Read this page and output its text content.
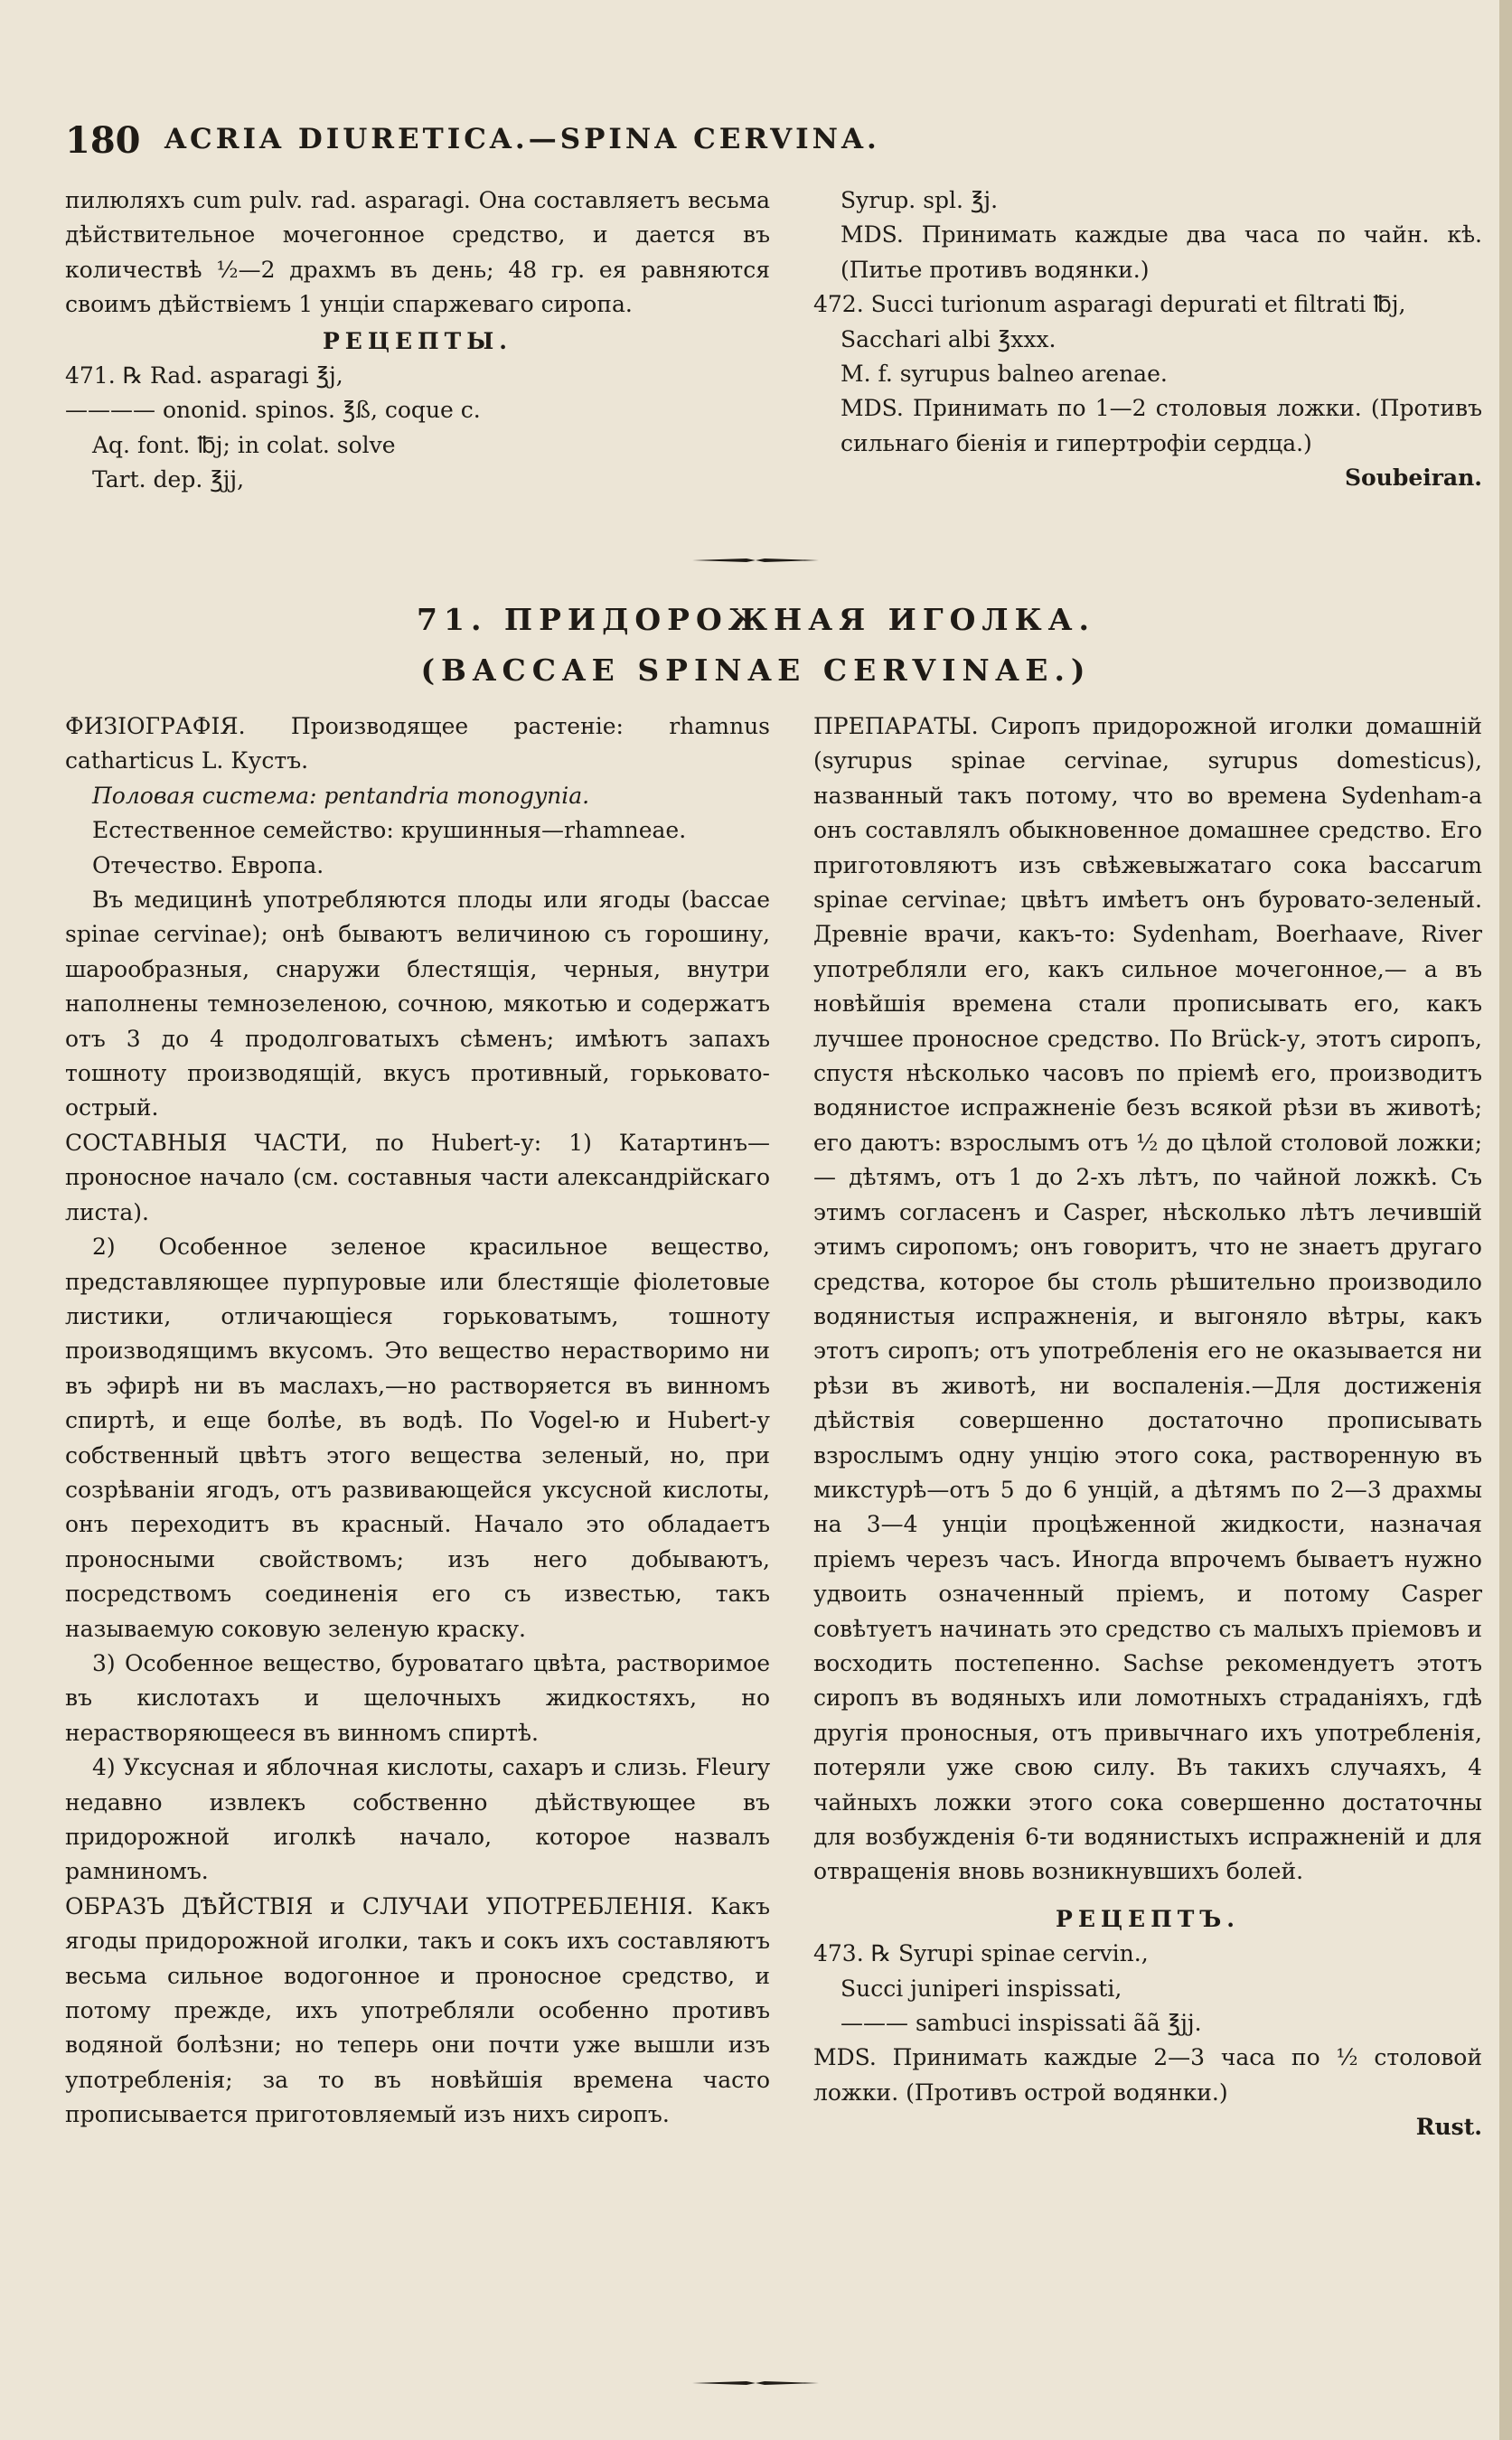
180 ACRIA DIURETICA.—SPINA CERVINA.

пилюляхъ cum pulv. rad. asparagi. Она составляетъ весьма дѣйствительное мочегонное средство, и дается въ количествѣ ½—2 драхмъ въ день; 48 гр. ея равняются своимъ дѣйствіемъ 1 унціи спаржеваго сиропа.

РЕЦЕПТЫ.

471. ℞ Rad. asparagi ℥j,

———— ononid. spinos. ℥ß, coque c.

Aq. font. ℔j; in colat. solve

Tart. dep. ℥jj,

Syrup. spl. ℥j.

MDS. Принимать каждые два часа по чайн. кѣ. (Питье противъ водянки.)

472. Succi turionum asparagi depurati et filtrati ℔j,

Sacchari albi ℥xxx.

M. f. syrupus balneo arenae.

MDS. Принимать по 1—2 столовыя ложки. (Противъ сильнаго біенія и гипертрофіи сердца.)

Soubeiran.

71. ПРИДОРОЖНАЯ ИГОЛКА.
(BACCAE SPINAE CERVINAE.)

ФИЗІОГРАФІЯ. Производящее растеніе: rhamnus catharticus L. Кустъ.

Половая система: pentandria monogynia.

Естественное семейство: крушинныя—rhamneae.

Отечество. Европа.

Въ медицинѣ употребляются плоды или ягоды (baccae spinae cervinae); онѣ бываютъ величиною съ горошину, шарообразныя, снаружи блестящія, черныя, внутри наполнены темнозеленою, сочною, мякотью и содержатъ отъ 3 до 4 продолговатыхъ сѣменъ; имѣютъ запахъ тошноту производящій, вкусъ противный, горьковато-острый.

СОСТАВНЫЯ ЧАСТИ, по Hubert-у: 1) Катартинъ—проносное начало (см. составныя части александрійскаго листа).

2) Особенное зеленое красильное вещество, представляющее пурпуровые или блестящіе фіолетовые листики, отличающіеся горьковатымъ, тошноту производящимъ вкусомъ. Это вещество нерастворимо ни въ эфирѣ ни въ маслахъ,—но растворяется въ винномъ спиртѣ, и еще болѣе, въ водѣ. По Vogel-ю и Hubert-у собственный цвѣтъ этого вещества зеленый, но, при созрѣваніи ягодъ, отъ развивающейся уксусной кислоты, онъ переходитъ въ красный. Начало это обладаетъ проносными свойствомъ; изъ него добываютъ, посредствомъ соединенія его съ известью, такъ называемую соковую зеленую краску.

3) Особенное вещество, буроватаго цвѣта, растворимое въ кислотахъ и щелочныхъ жидкостяхъ, но нерастворяющееся въ винномъ спиртѣ.

4) Уксусная и яблочная кислоты, сахаръ и слизь. Fleury недавно извлекъ собственно дѣйствующее въ придорожной иголкѣ начало, которое назвалъ рамниномъ.

ОБРАЗЪ ДѢЙСТВІЯ и СЛУЧАИ УПОТРЕБЛЕНІЯ. Какъ ягоды придорожной иголки, такъ и сокъ ихъ составляютъ весьма сильное водогонное и проносное средство, и потому прежде, ихъ употребляли особенно противъ водяной болѣзни; но теперь они почти уже вышли изъ употребленія; за то въ новѣйшія времена часто прописывается приготовляемый изъ нихъ сиропъ.

ПРЕПАРАТЫ. Сиропъ придорожной иголки домашній (syrupus spinae cervinae, syrupus domesticus), названный такъ потому, что во времена Sydenham-а онъ составлялъ обыкновенное домашнее средство. Его приготовляютъ изъ свѣжевыжатаго сока baccarum spinae cervinae; цвѣтъ имѣетъ онъ буровато-зеленый. Древніе врачи, какъ-то: Sydenham, Boerhaave, River употребляли его, какъ сильное мочегонное,— а въ новѣйшія времена стали прописывать его, какъ лучшее проносное средство. По Brück-у, этотъ сиропъ, спустя нѣсколько часовъ по пріемѣ его, производитъ водянистое испражненіе безъ всякой рѣзи въ животѣ; его даютъ: взрослымъ отъ ½ до цѣлой столовой ложки;— дѣтямъ, отъ 1 до 2-хъ лѣтъ, по чайной ложкѣ. Съ этимъ согласенъ и Casper, нѣсколько лѣтъ лечившій этимъ сиропомъ; онъ говоритъ, что не знаетъ другаго средства, которое бы столь рѣшительно производило водянистыя испражненія, и выгоняло вѣтры, какъ этотъ сиропъ; отъ употребленія его не оказывается ни рѣзи въ животѣ, ни воспаленія.—Для достиженія дѣйствія совершенно достаточно прописывать взрослымъ одну унцію этого сока, растворенную въ микстурѣ—отъ 5 до 6 унцій, а дѣтямъ по 2—3 драхмы на 3—4 унціи процѣженной жидкости, назначая пріемъ черезъ часъ. Иногда впрочемъ бываетъ нужно удвоить означенный пріемъ, и потому Casper совѣтуетъ начинать это средство съ малыхъ пріемовъ и восходить постепенно. Sachse рекомендуетъ этотъ сиропъ въ водяныхъ или ломотныхъ страданіяхъ, гдѣ другія проносныя, отъ привычнаго ихъ употребленія, потеряли уже свою силу. Въ такихъ случаяхъ, 4 чайныхъ ложки этого сока совершенно достаточны для возбужденія 6-ти водянистыхъ испражненій и для отвращенія вновь возникнувшихъ болей.

РЕЦЕПТЪ.

473. ℞ Syrupi spinae cervin.,

Succi juniperi inspissati,

——— sambuci inspissati ãã ℥jj.

MDS. Принимать каждые 2—3 часа по ½ столовой ложки. (Противъ острой водянки.)

Rust.
